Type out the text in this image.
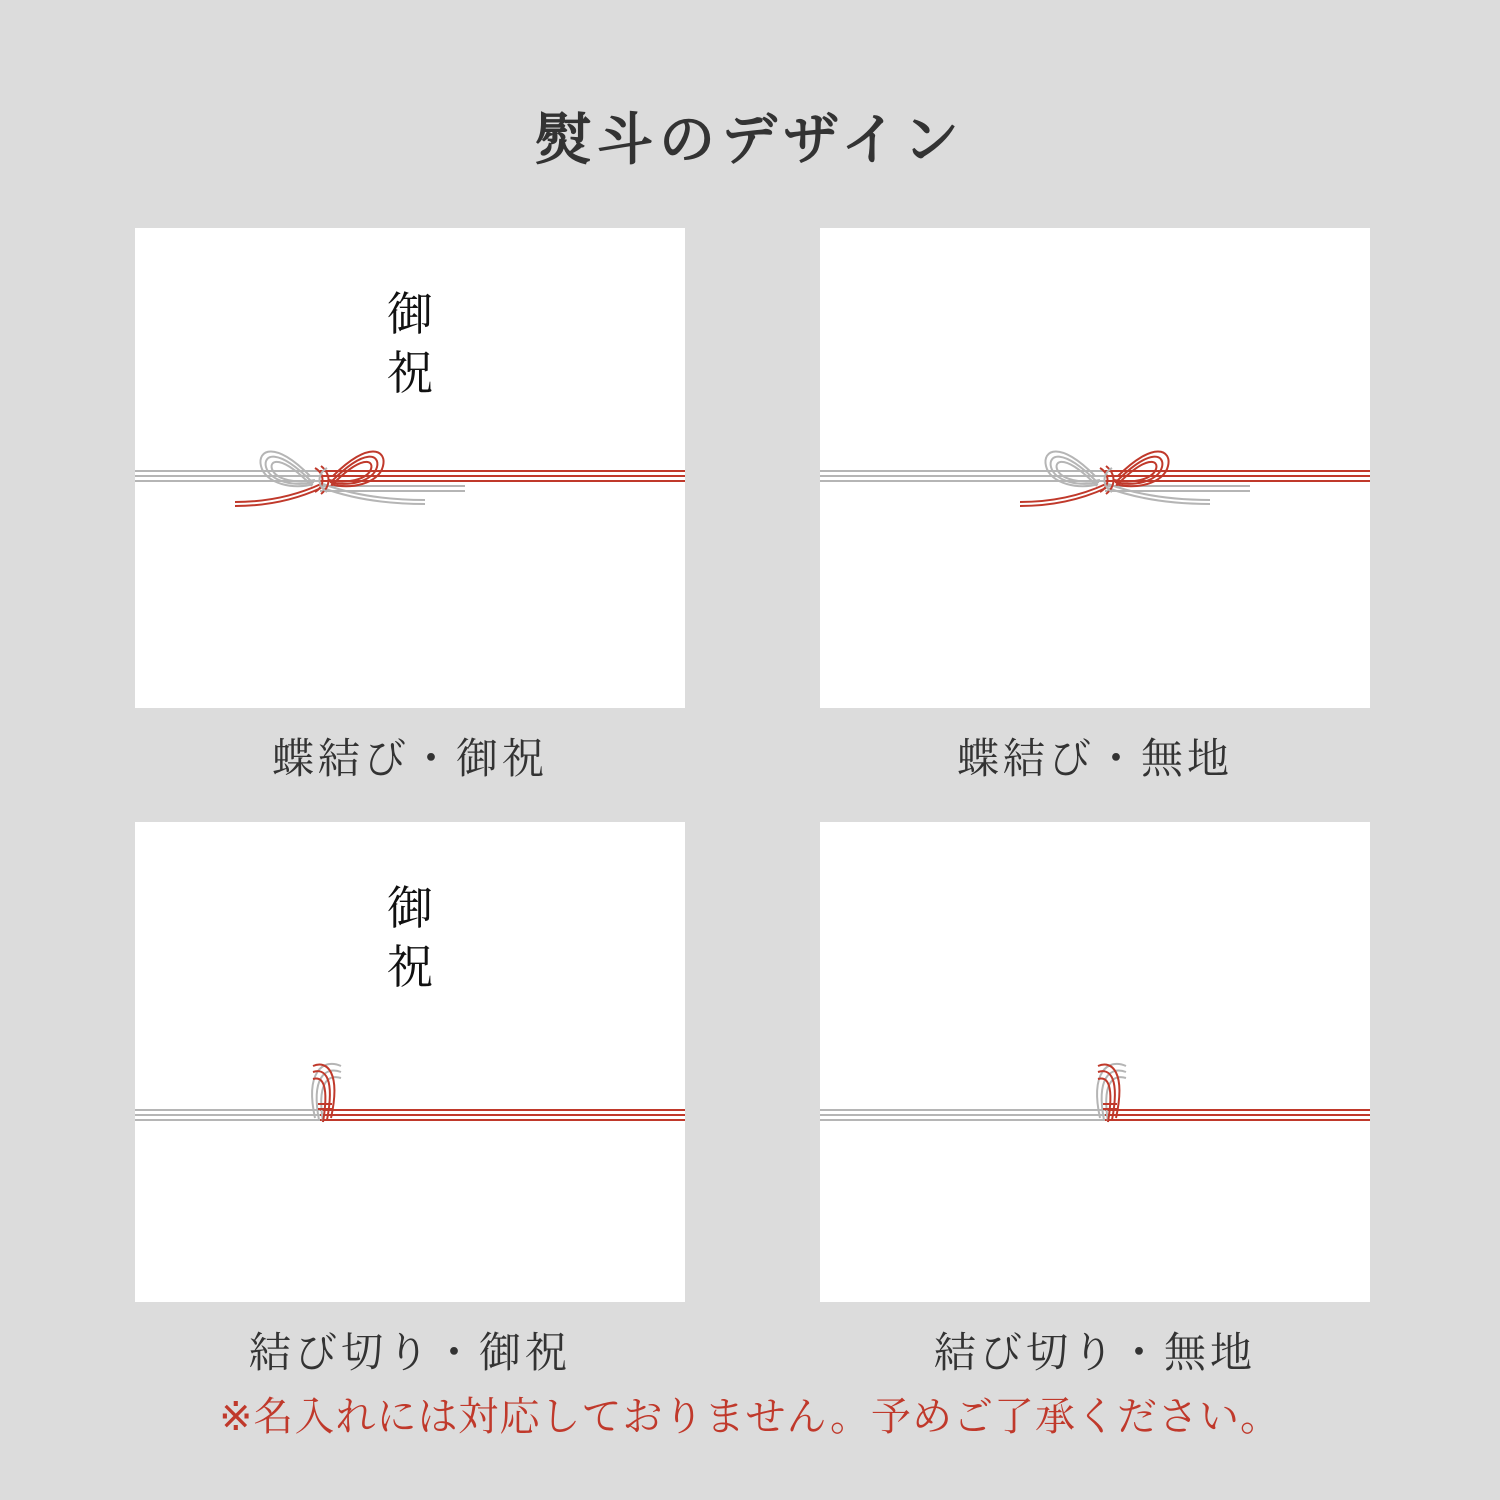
熨斗のデザイン
御
祝
蝶結び・御祝	蝶結び・無地
御
祝
結び切り・御祝	結び切り・無地
※名入れには対応しておりません。予めご了承ください。
